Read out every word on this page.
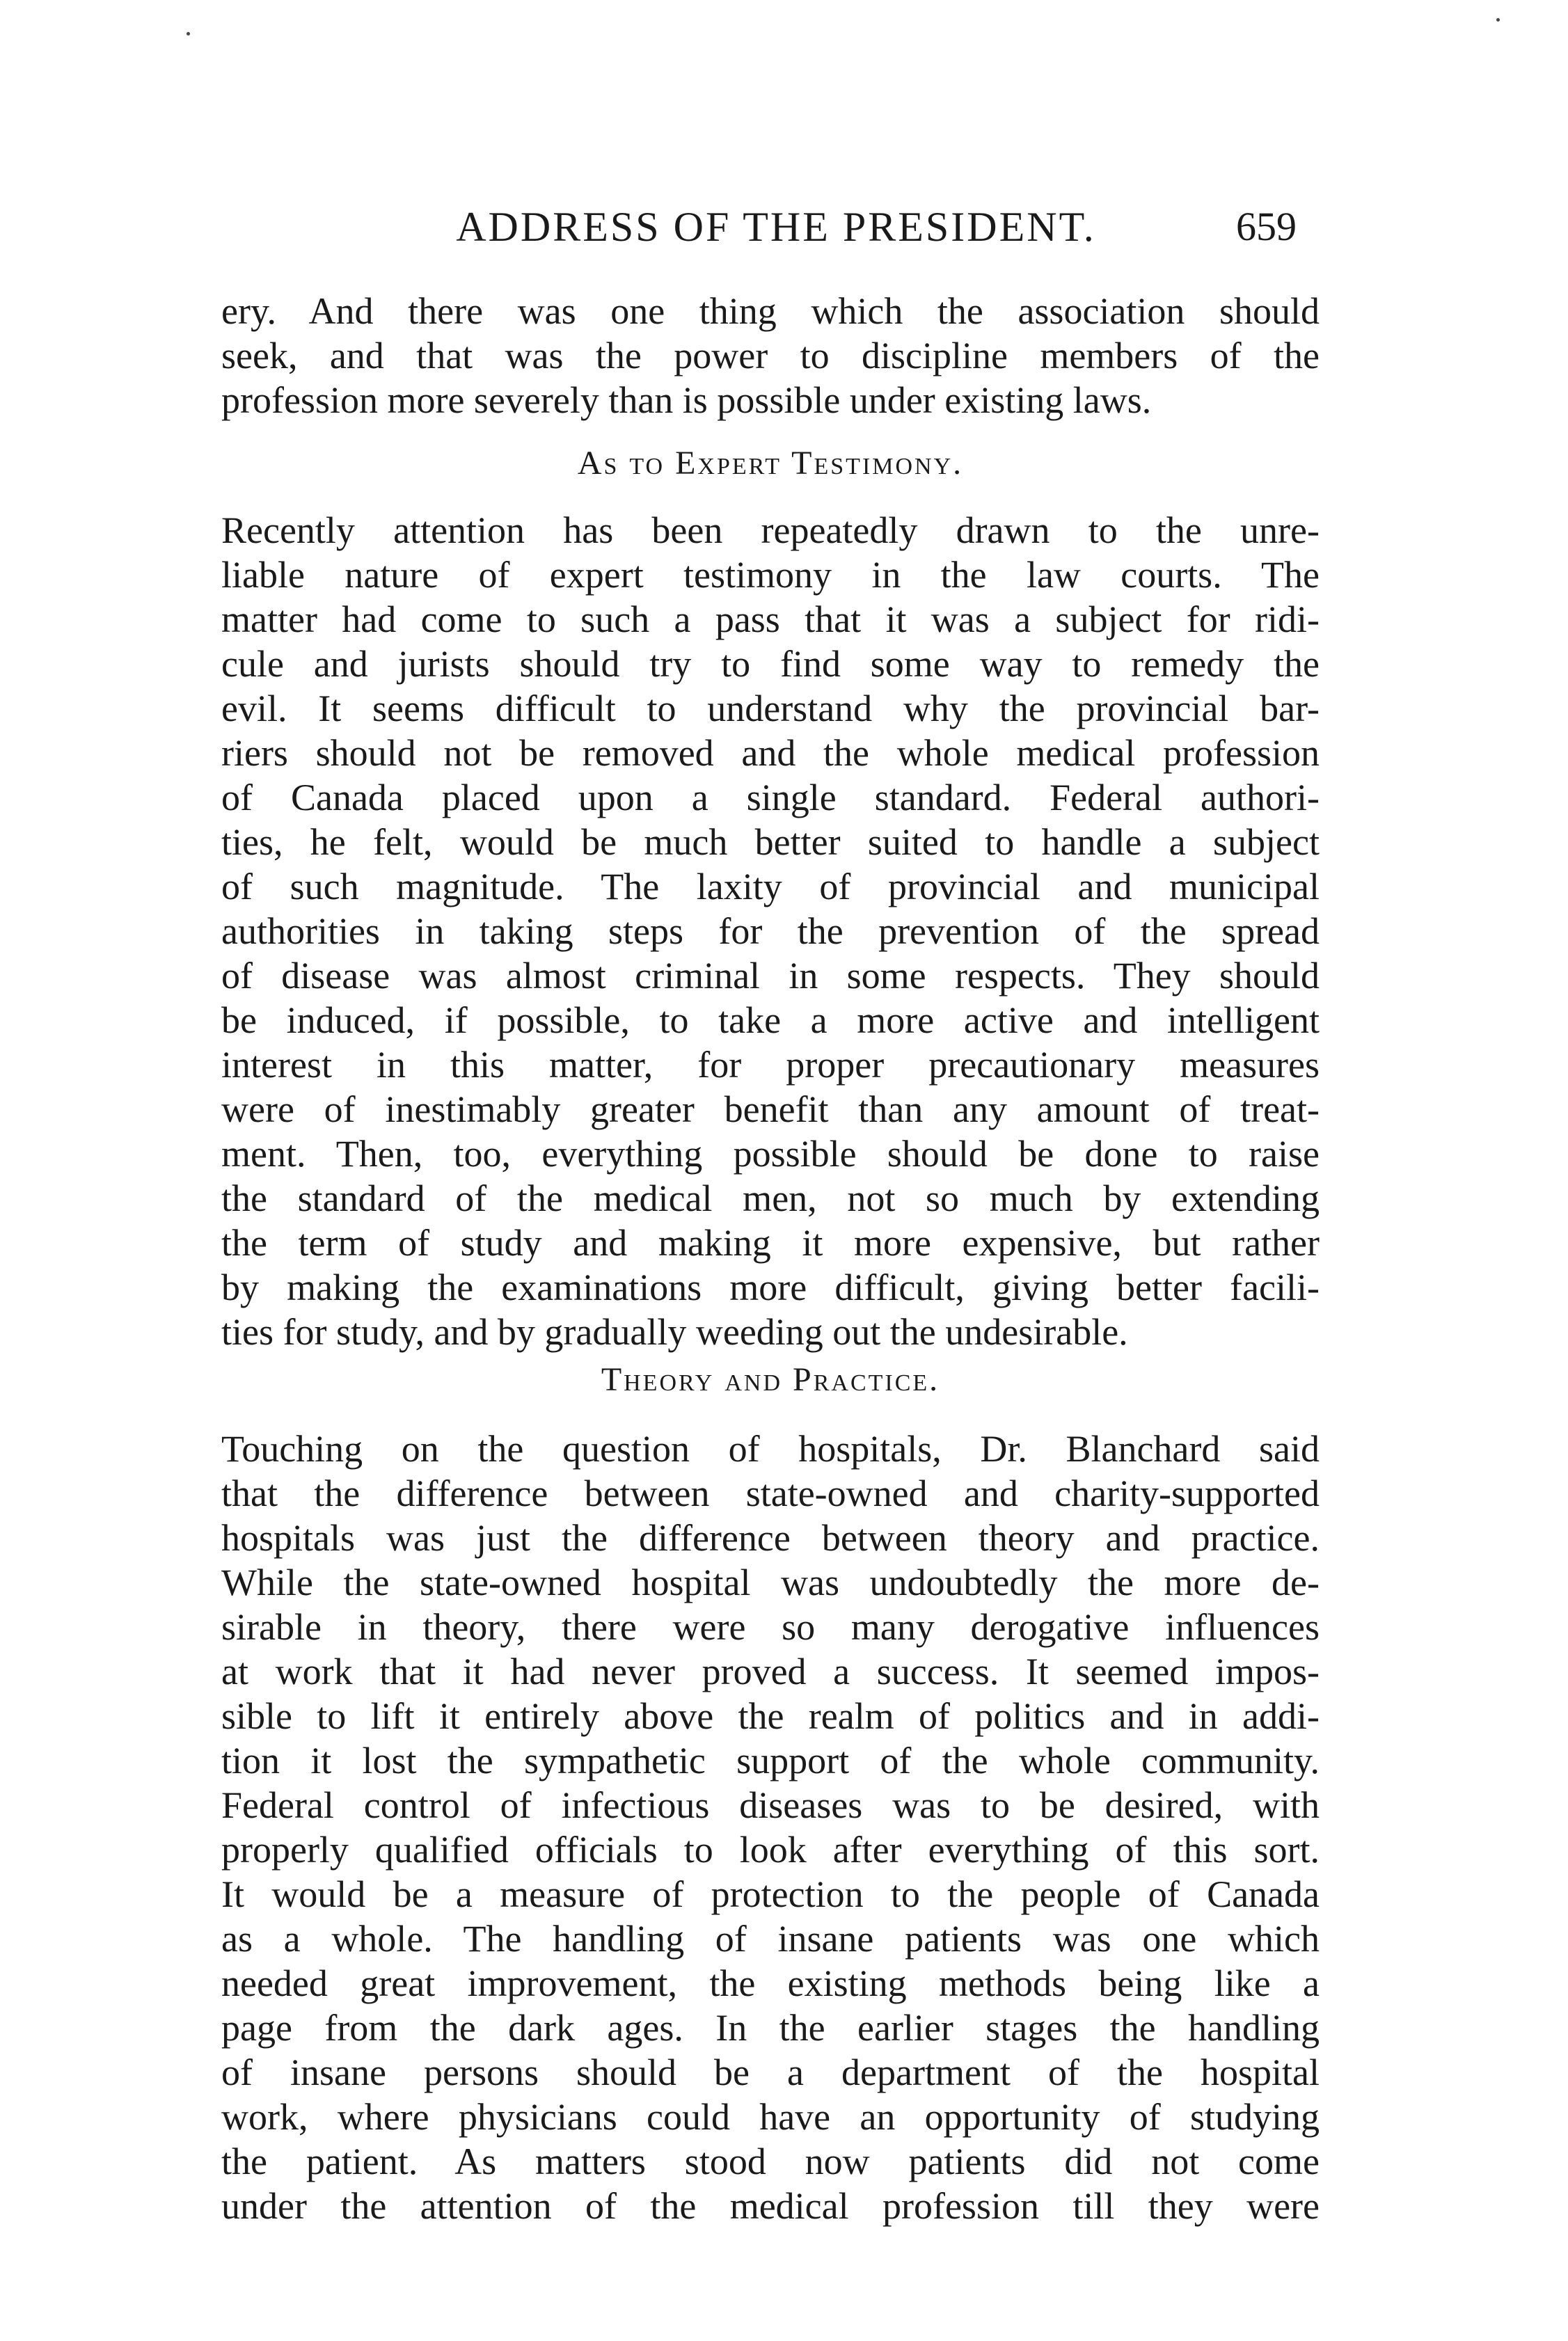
ADDRESS OF THE PRESIDENT.	659
ery. And there was one thing which the association should
seek, and that was the power to discipline members of the
profession more severely than is possible under existing laws.
As to Expert Testimony.
Recently attention has been repeatedly drawn to the unre-
liable nature of expert testimony in the law courts. The
matter had come to such a pass that it was a subject for ridi-
cule and jurists should try to find some way to remedy the
evil. It seems difficult to understand why the provincial bar-
riers should not be removed and the whole medical profession
of Canada placed upon a single standard. Federal authori-
ties, he felt, would be much better suited to handle a subject
of such magnitude. The laxity of provincial and municipal
authorities in taking steps for the prevention of the spread
of disease was almost criminal in some respects. They should
be induced, if possible, to take a more active and intelligent
interest in this matter, for proper precautionary measures
were of inestimably greater benefit than any amount of treat-
ment. Then, too, everything possible should be done to raise
the standard of the medical men, not so much by extending
the term of study and making it more expensive, but rather
by making the examinations more difficult, giving better facili-
ties for study, and by gradually weeding out the undesirable.
Theory and Practice.
Touching on the question of hospitals, Dr. Blanchard said
that the difference between state-owned and charity-supported
hospitals was just the difference between theory and practice.
While the state-owned hospital was undoubtedly the more de-
sirable in theory, there were so many derogative influences
at work that it had never proved a success. It seemed impos-
sible to lift it entirely above the realm of politics and in addi-
tion it lost the sympathetic support of the whole community.
Federal control of infectious diseases was to be desired, with
properly qualified officials to look after everything of this sort.
It would be a measure of protection to the people of Canada
as a whole. The handling of insane patients was one which
needed great improvement, the existing methods being like a
page from the dark ages. In the earlier stages the handling
of insane persons should be a department of the hospital
work, where physicians could have an opportunity of studying
the patient. As matters stood now patients did not come
under the attention of the medical profession till they were
